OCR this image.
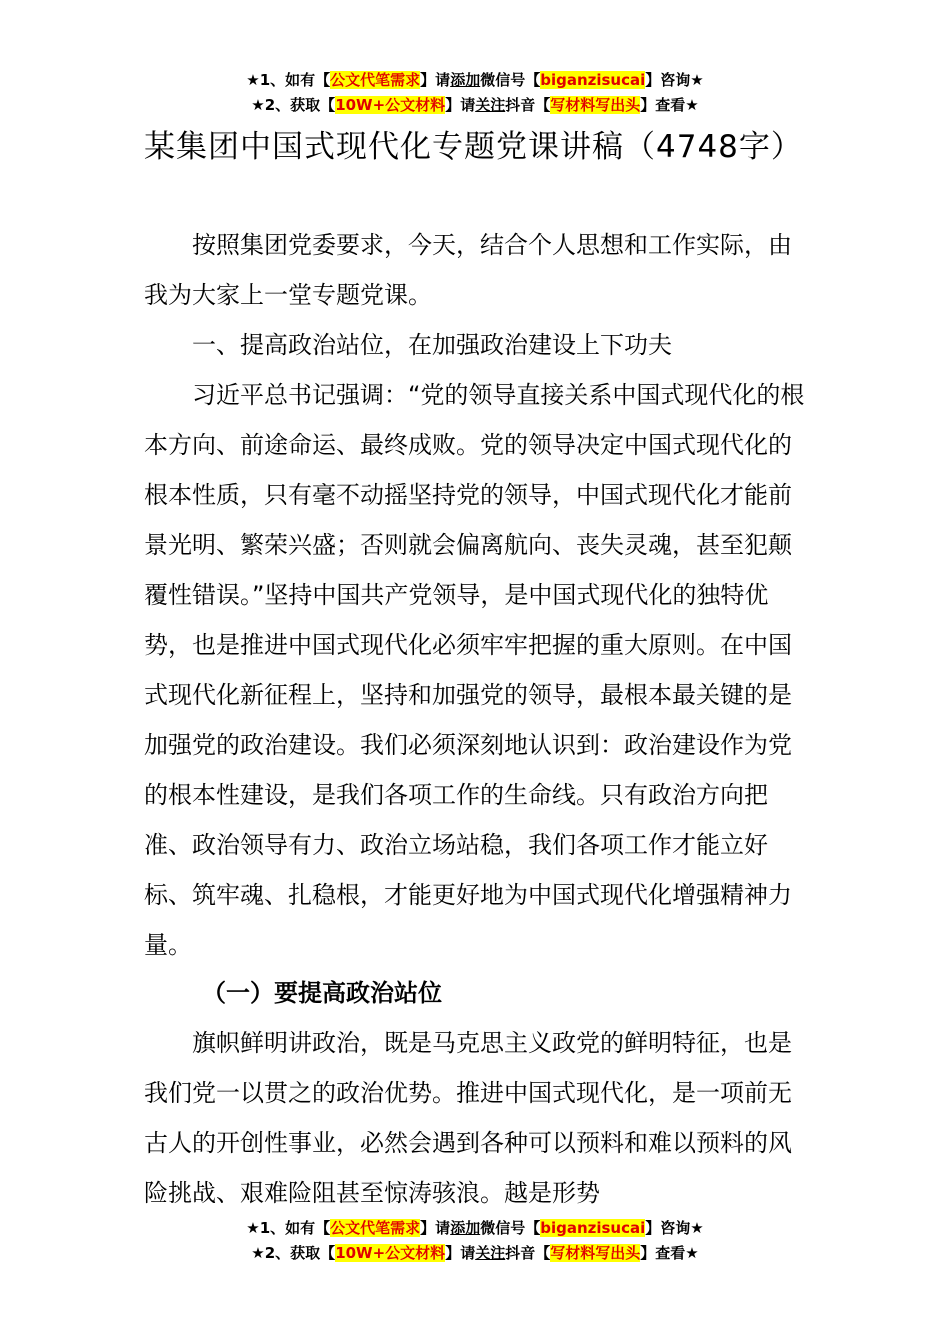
★1、如有【公文代笔需求】请添加微信号【biganzisucai】咨询★
★2、获取【10W+公文材料】请关注抖音【写材料写出头】查看★
某集团中国式现代化专题党课讲稿（4748字）
按照集团党委要求，今天，结合个人思想和工作实际，由我为大家上一堂专题党课。
一、提高政治站位，在加强政治建设上下功夫
习近平总书记强调：“党的领导直接关系中国式现代化的根本方向、前途命运、最终成败。党的领导决定中国式现代化的根本性质，只有毫不动摇坚持党的领导，中国式现代化才能前景光明、繁荣兴盛；否则就会偏离航向、丧失灵魂，甚至犯颠覆性错误。”坚持中国共产党领导，是中国式现代化的独特优势，也是推进中国式现代化必须牢牢把握的重大原则。在中国式现代化新征程上，坚持和加强党的领导，最根本最关键的是加强党的政治建设。我们必须深刻地认识到：政治建设作为党的根本性建设，是我们各项工作的生命线。只有政治方向把准、政治领导有力、政治立场站稳，我们各项工作才能立好标、筑牢魂、扎稳根，才能更好地为中国式现代化增强精神力量。
（一）要提高政治站位
旗帜鲜明讲政治，既是马克思主义政党的鲜明特征，也是我们党一以贯之的政治优势。推进中国式现代化，是一项前无古人的开创性事业，必然会遇到各种可以预料和难以预料的风险挑战、艰难险阻甚至惊涛骇浪。越是形势
★1、如有【公文代笔需求】请添加微信号【biganzisucai】咨询★
★2、获取【10W+公文材料】请关注抖音【写材料写出头】查看★
